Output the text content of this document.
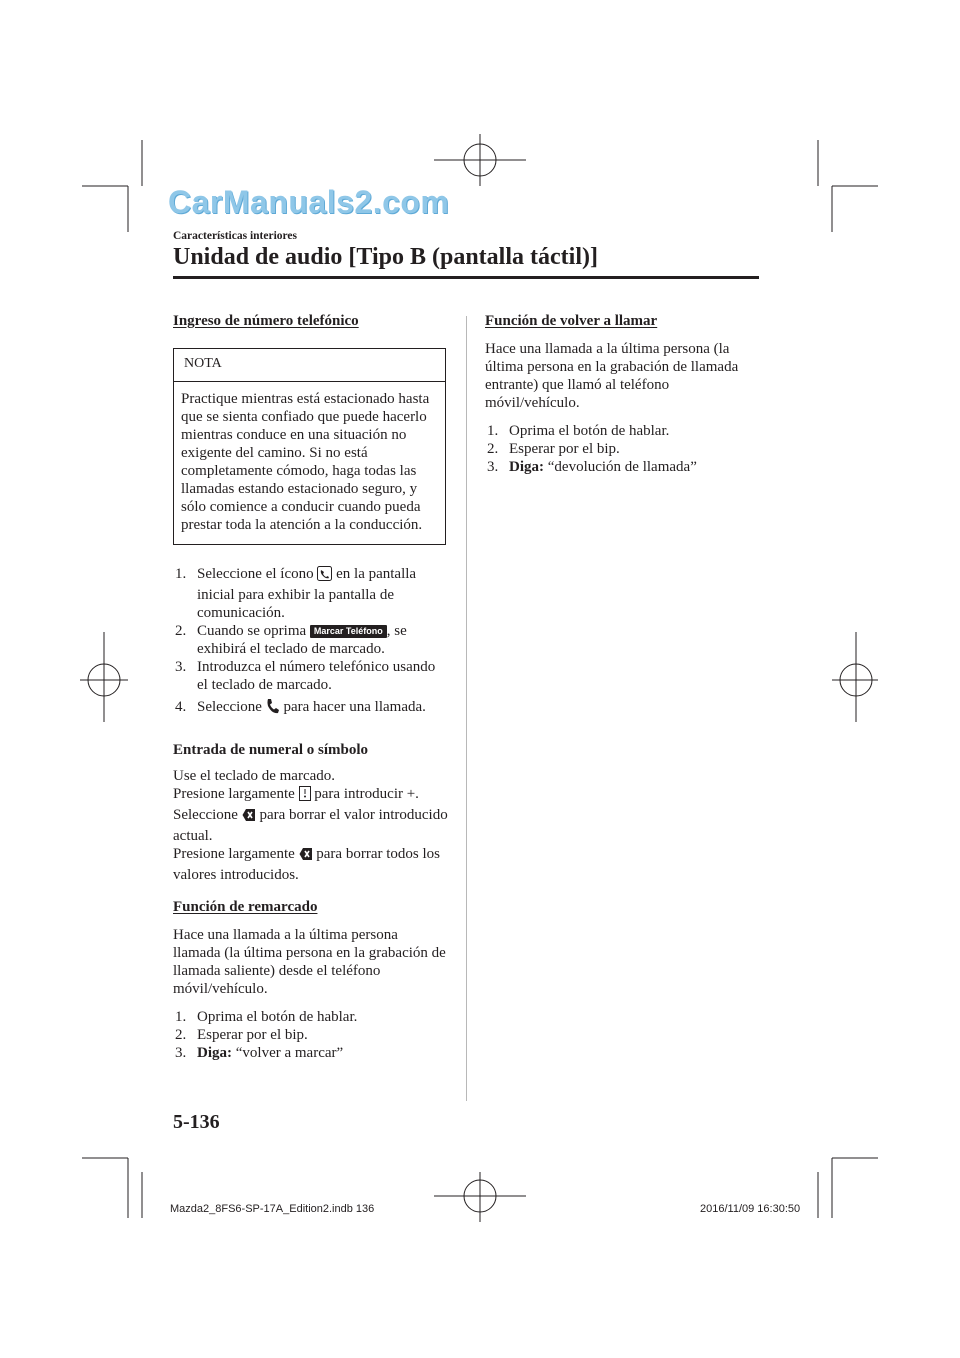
CarManuals2.com
Características interiores
Unidad de audio [Tipo B (pantalla táctil)]
Ingreso de número telefónico
NOTA
Practique mientras está estacionado hasta que se sienta confiado que puede hacerlo mientras conduce en una situación no exigente del camino. Si no está completamente cómodo, haga todas las llamadas estando estacionado seguro, y sólo comience a conducir cuando pueda prestar toda la atención a la conducción.
1. Seleccione el ícono en la pantalla inicial para exhibir la pantalla de comunicación.
2. Cuando se oprima Marcar Teléfono , se exhibirá el teclado de marcado.
3. Introduzca el número telefónico usando el teclado de marcado.
4. Seleccione para hacer una llamada.
Entrada de numeral o símbolo

Use el teclado de marcado.

Presione largamente para introducir +.

Seleccione para borrar el valor introducido actual.

Presione largamente para borrar todos los valores introducidos.

Función de remarcado

Hace una llamada a la última persona llamada (la última persona en la grabación de llamada saliente) desde el teléfono móvil/vehículo.

1. Oprima el botón de hablar.
2. Esperar por el bip.
3. Diga: “volver a marcar”
Función de volver a llamar

Hace una llamada a la última persona (la última persona en la grabación de llamada entrante) que llamó al teléfono móvil/vehículo.

1. Oprima el botón de hablar.
2. Esperar por el bip.
3. Diga: “devolución de llamada”
5-136
Mazda2_8FS6-SP-17A_Edition2.indb 136	2016/11/09 16:30:50
